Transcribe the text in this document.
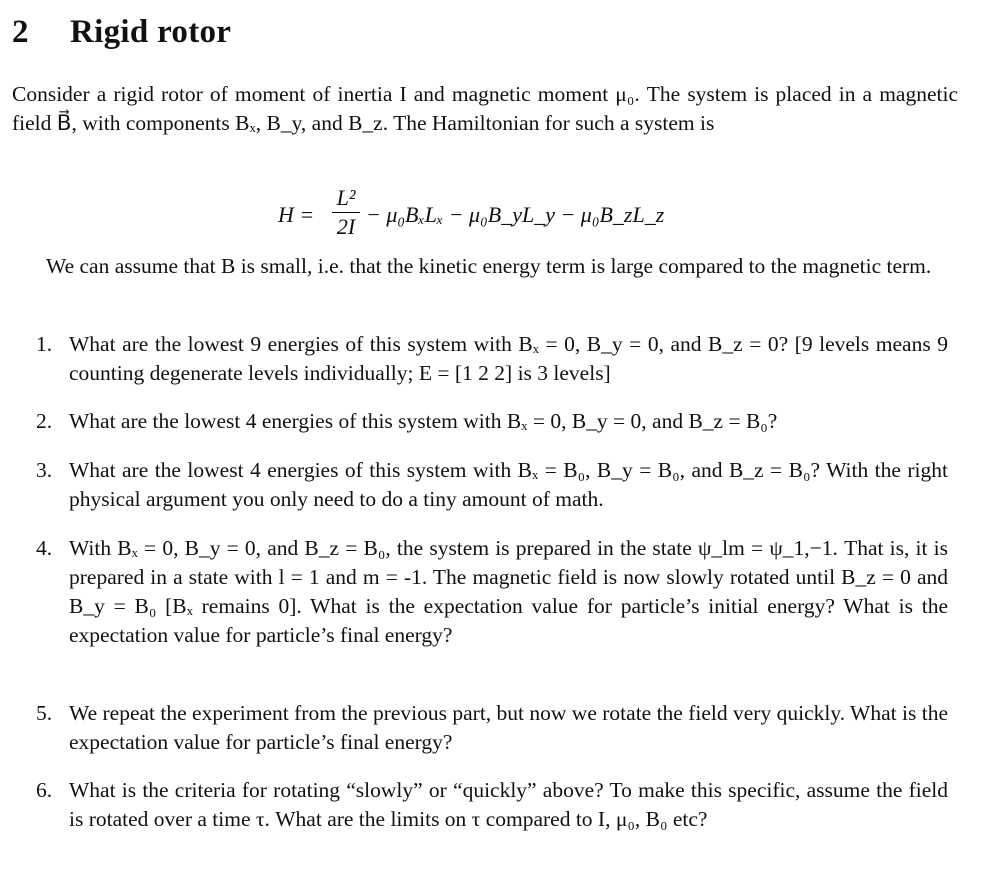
2 Rigid rotor
Consider a rigid rotor of moment of inertia I and magnetic moment μ₀. The system is placed in a magnetic field B⃗, with components Bₓ, B_y, and B_z. The Hamiltonian for such a system is
H =
L²
2I − μ₀BₓLₓ − μ₀B_yL_y − μ₀B_zL_z
We can assume that B is small, i.e. that the kinetic energy term is large compared to the magnetic term.
1. What are the lowest 9 energies of this system with Bₓ = 0, B_y = 0, and B_z = 0? [9 levels means 9 counting degenerate levels individually; E = [1 2 2] is 3 levels]
2. What are the lowest 4 energies of this system with Bₓ = 0, B_y = 0, and B_z = B₀?
3. What are the lowest 4 energies of this system with Bₓ = B₀, B_y = B₀, and B_z = B₀? With the right physical argument you only need to do a tiny amount of math.
4. With Bₓ = 0, B_y = 0, and B_z = B₀, the system is prepared in the state ψ_lm = ψ_1,−1. That is, it is prepared in a state with l = 1 and m = -1. The magnetic field is now slowly rotated until B_z = 0 and B_y = B₀ [Bₓ remains 0]. What is the expectation value for particle’s initial energy? What is the expectation value for particle’s final energy?
5. We repeat the experiment from the previous part, but now we rotate the field very quickly. What is the expectation value for particle’s final energy?
6. What is the criteria for rotating “slowly” or “quickly” above? To make this specific, assume the field is rotated over a time τ. What are the limits on τ compared to I, μ₀, B₀ etc?
